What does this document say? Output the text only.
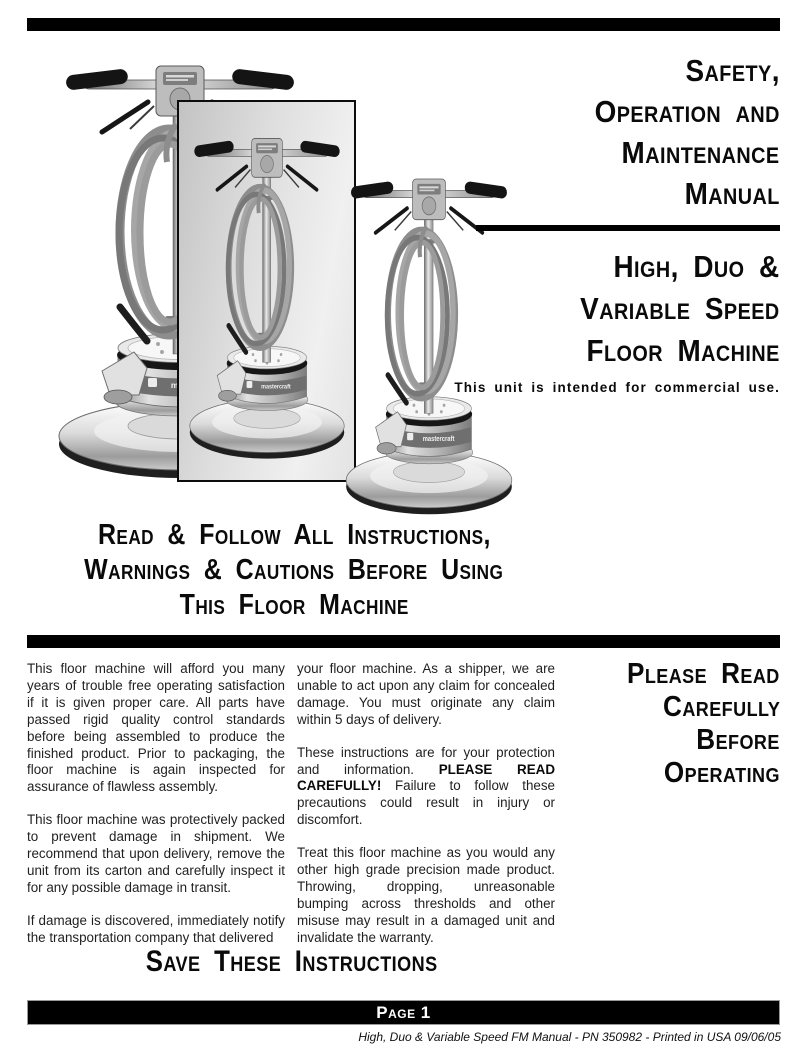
Safety,
Operation and
Maintenance
Manual
High, Duo &
Variable Speed
Floor Machine
This unit is intended for commercial use.
Read & Follow All Instructions,
Warnings & Cautions Before Using
This Floor Machine

This floor machine will afford you many years of trouble free operating satisfaction if it is given proper care. All parts have passed rigid quality control standards before being assembled to produce the finished product. Prior to packaging, the floor machine is again inspected for assurance of flawless assembly.

This floor machine was protectively packed to prevent damage in shipment. We recommend that upon delivery, remove the unit from its carton and carefully inspect it for any possible damage in transit.

If damage is discovered, immediately notify the transportation company that delivered

your floor machine. As a shipper, we are unable to act upon any claim for concealed damage. You must originate any claim within 5 days of delivery.

These instructions are for your protection and information. PLEASE READ CAREFULLY! Failure to follow these precautions could result in injury or discomfort.

Treat this floor machine as you would any other high grade precision made product. Throwing, dropping, unreasonable bumping across thresholds and other misuse may result in a damaged unit and invalidate the warranty.

Please Read
Carefully
Before
Operating
Save These Instructions
Page 1
High, Duo & Variable Speed FM Manual - PN 350982 - Printed in USA 09/06/05
